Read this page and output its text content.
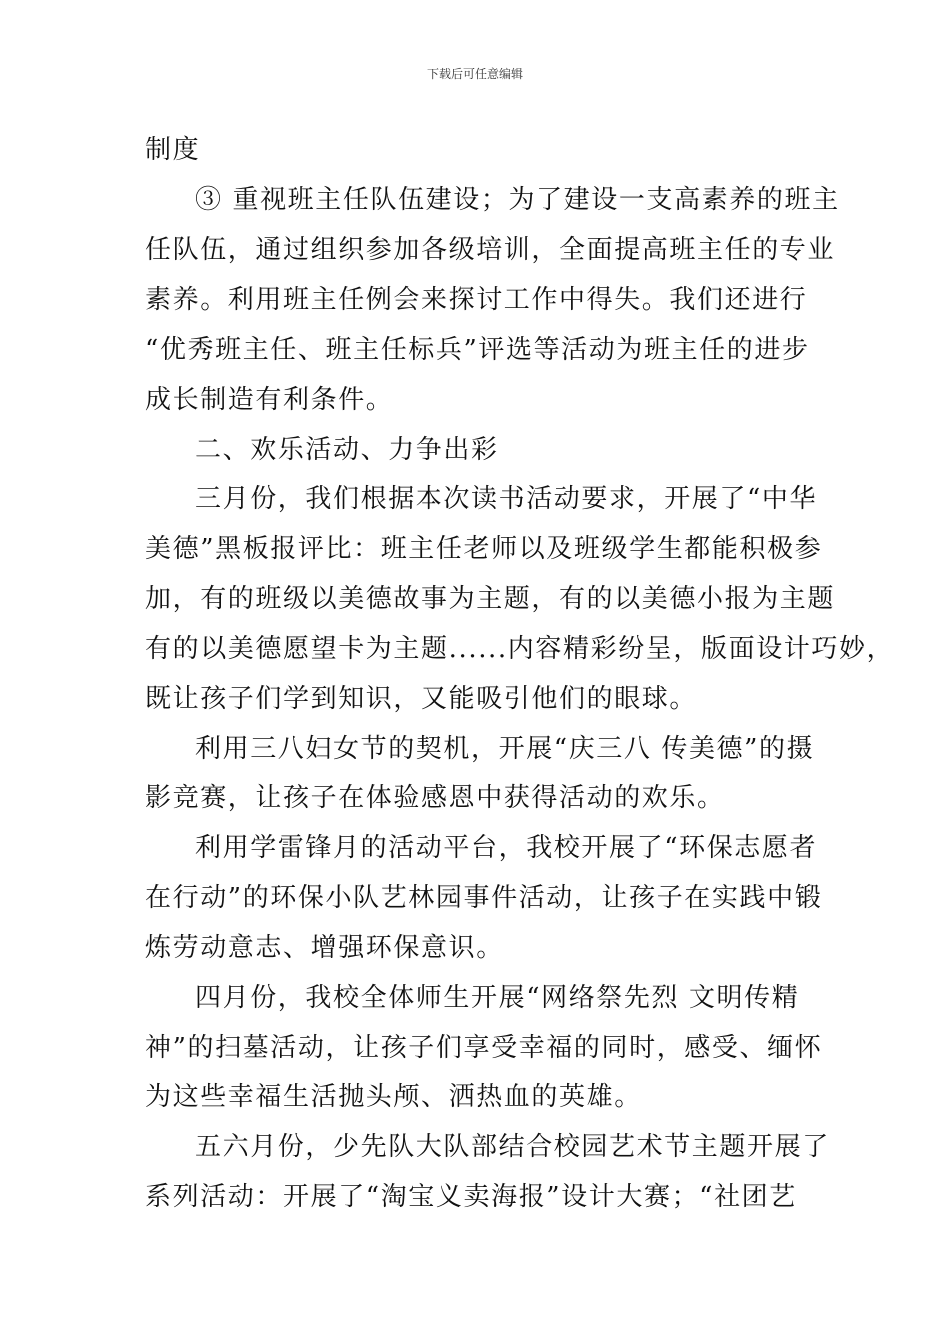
下载后可任意编辑
制度
③ 重视班主任队伍建设；为了建设一支高素养的班主
任队伍，通过组织参加各级培训，全面提高班主任的专业
素养。利用班主任例会来探讨工作中得失。我们还进行
“优秀班主任、班主任标兵”评选等活动为班主任的进步
成长制造有利条件。
二、欢乐活动、力争出彩
三月份，我们根据本次读书活动要求，开展了“中华
美德”黑板报评比：班主任老师以及班级学生都能积极参
加，有的班级以美德故事为主题，有的以美德小报为主题
有的以美德愿望卡为主题......内容精彩纷呈，版面设计巧妙，
既让孩子们学到知识，又能吸引他们的眼球。
利用三八妇女节的契机，开展“庆三八 传美德”的摄
影竞赛，让孩子在体验感恩中获得活动的欢乐。
利用学雷锋月的活动平台，我校开展了“环保志愿者
在行动”的环保小队艺林园事件活动，让孩子在实践中锻
炼劳动意志、增强环保意识。
四月份，我校全体师生开展“网络祭先烈 文明传精
神”的扫墓活动，让孩子们享受幸福的同时，感受、缅怀
为这些幸福生活抛头颅、洒热血的英雄。
五六月份，少先队大队部结合校园艺术节主题开展了
系列活动：开展了“淘宝义卖海报”设计大赛；“社团艺
